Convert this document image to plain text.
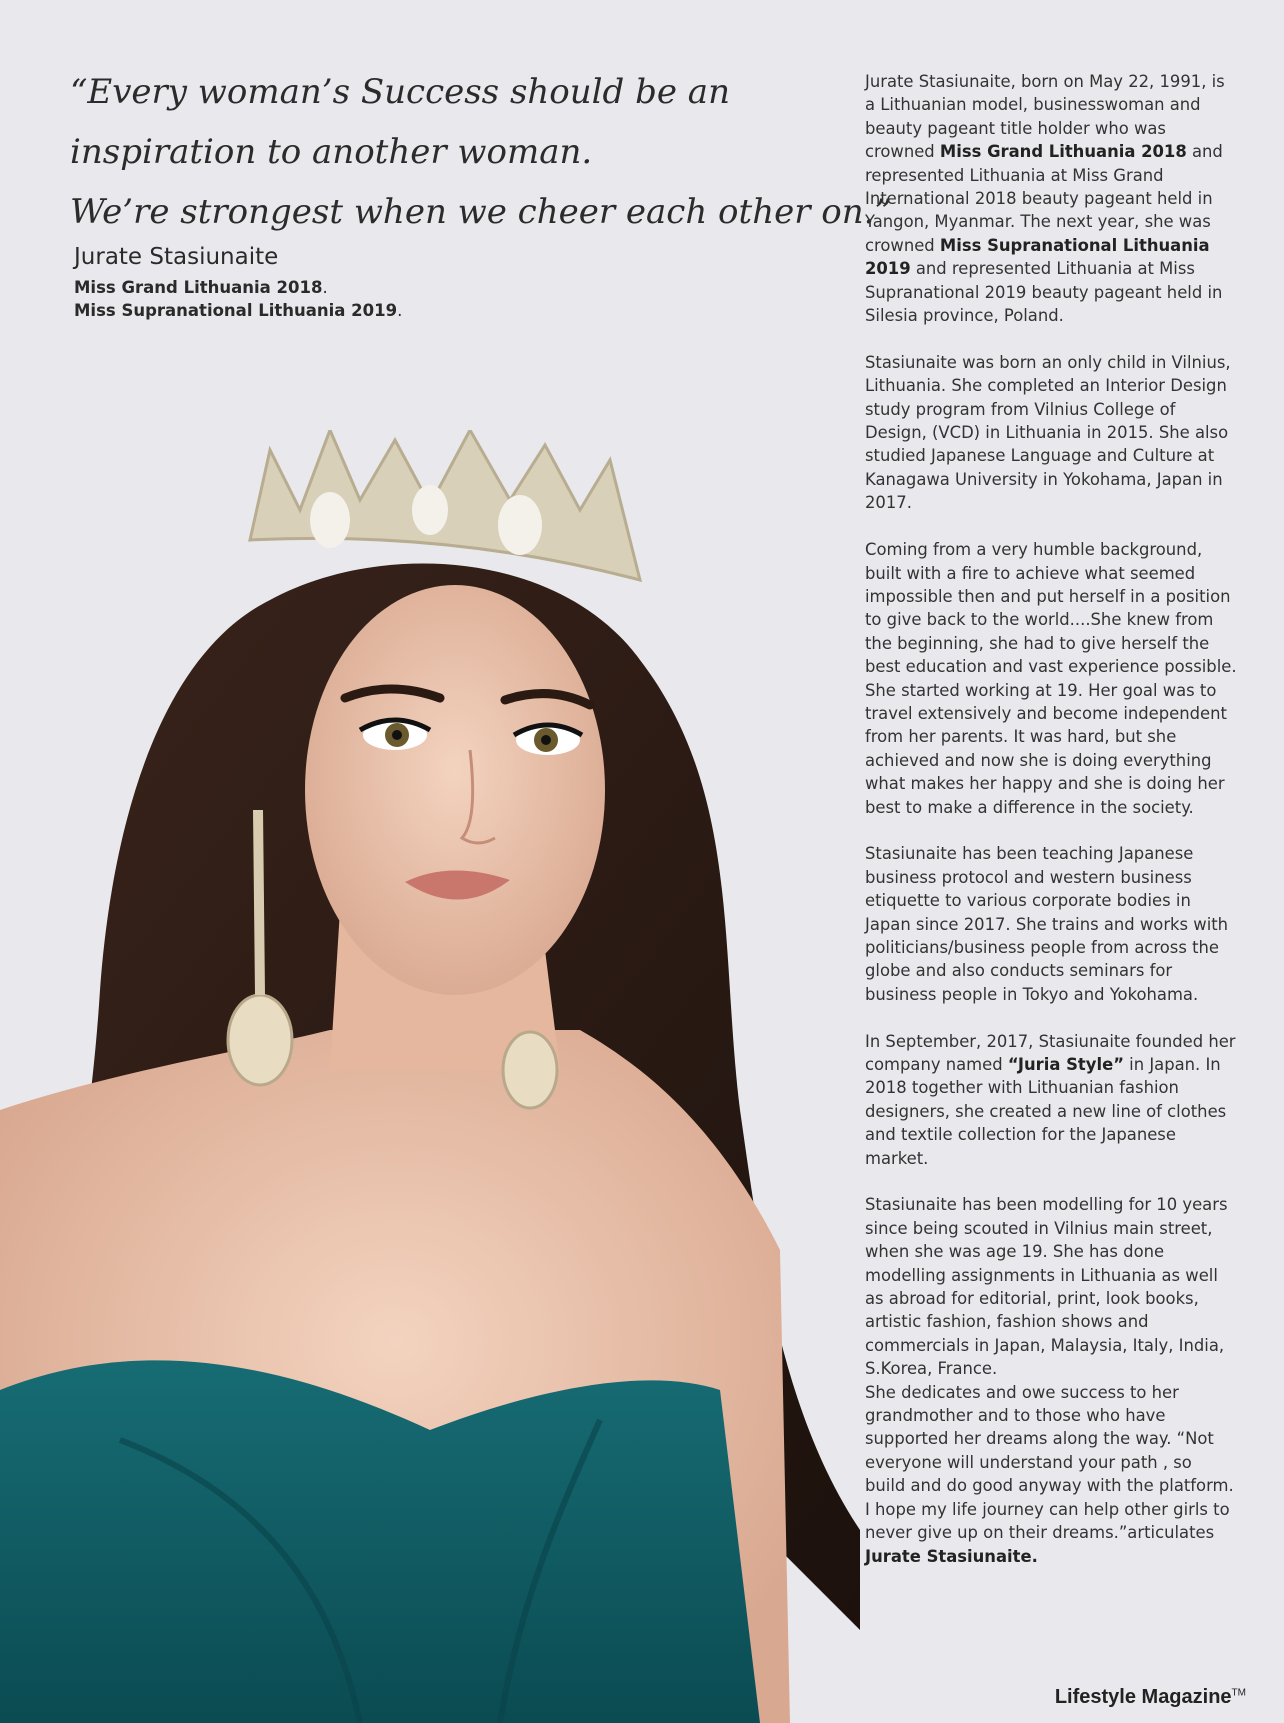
“Every woman’s Success should be an
inspiration to another woman.
We’re strongest when we cheer each other on.”
Jurate Stasiunaite
Miss Grand Lithuania 2018.
Miss Supranational Lithuania 2019.

Jurate Stasiunaite, born on May 22, 1991, is a Lithuanian model, businesswoman and beauty pageant title holder who was crowned Miss Grand Lithuania 2018 and represented Lithuania at Miss Grand International 2018 beauty pageant held in Yangon, Myanmar. The next year, she was crowned Miss Supranational Lithuania 2019 and represented Lithuania at Miss Supranational 2019 beauty pageant held in Silesia province, Poland.

Stasiunaite was born an only child in Vilnius, Lithuania. She completed an Interior Design study program from Vilnius College of Design, (VCD) in Lithuania in 2015. She also studied Japanese Language and Culture at Kanagawa University in Yokohama, Japan in 2017.

Coming from a very humble background, built with a fire to achieve what seemed impossible then and put herself in a position to give back to the world....She knew from the beginning, she had to give herself the best education and vast experience possible. She started working at 19. Her goal was to travel extensively and become independent from her parents. It was hard, but she achieved and now she is doing everything what makes her happy and she is doing her best to make a difference in the society.

Stasiunaite has been teaching Japanese business protocol and western business etiquette to various corporate bodies in Japan since 2017. She trains and works with politicians/business people from across the globe and also conducts seminars for business people in Tokyo and Yokohama.

In September, 2017, Stasiunaite founded her company named “Juria Style” in Japan. In 2018 together with Lithuanian fashion designers, she created a new line of clothes and textile collection for the Japanese market.

Stasiunaite has been modelling for 10 years since being scouted in Vilnius main street, when she was age 19. She has done modelling assignments in Lithuania as well as abroad for editorial, print, look books, artistic fashion, fashion shows and commercials in Japan, Malaysia, Italy, India, S.Korea, France.

She dedicates and owe success to her grandmother and to those who have supported her dreams along the way. “Not everyone will understand your path , so build and do good anyway with the platform. I hope my life journey can help other girls to never give up on their dreams.”articulates Jurate Stasiunaite.

Lifestyle Magazine™
